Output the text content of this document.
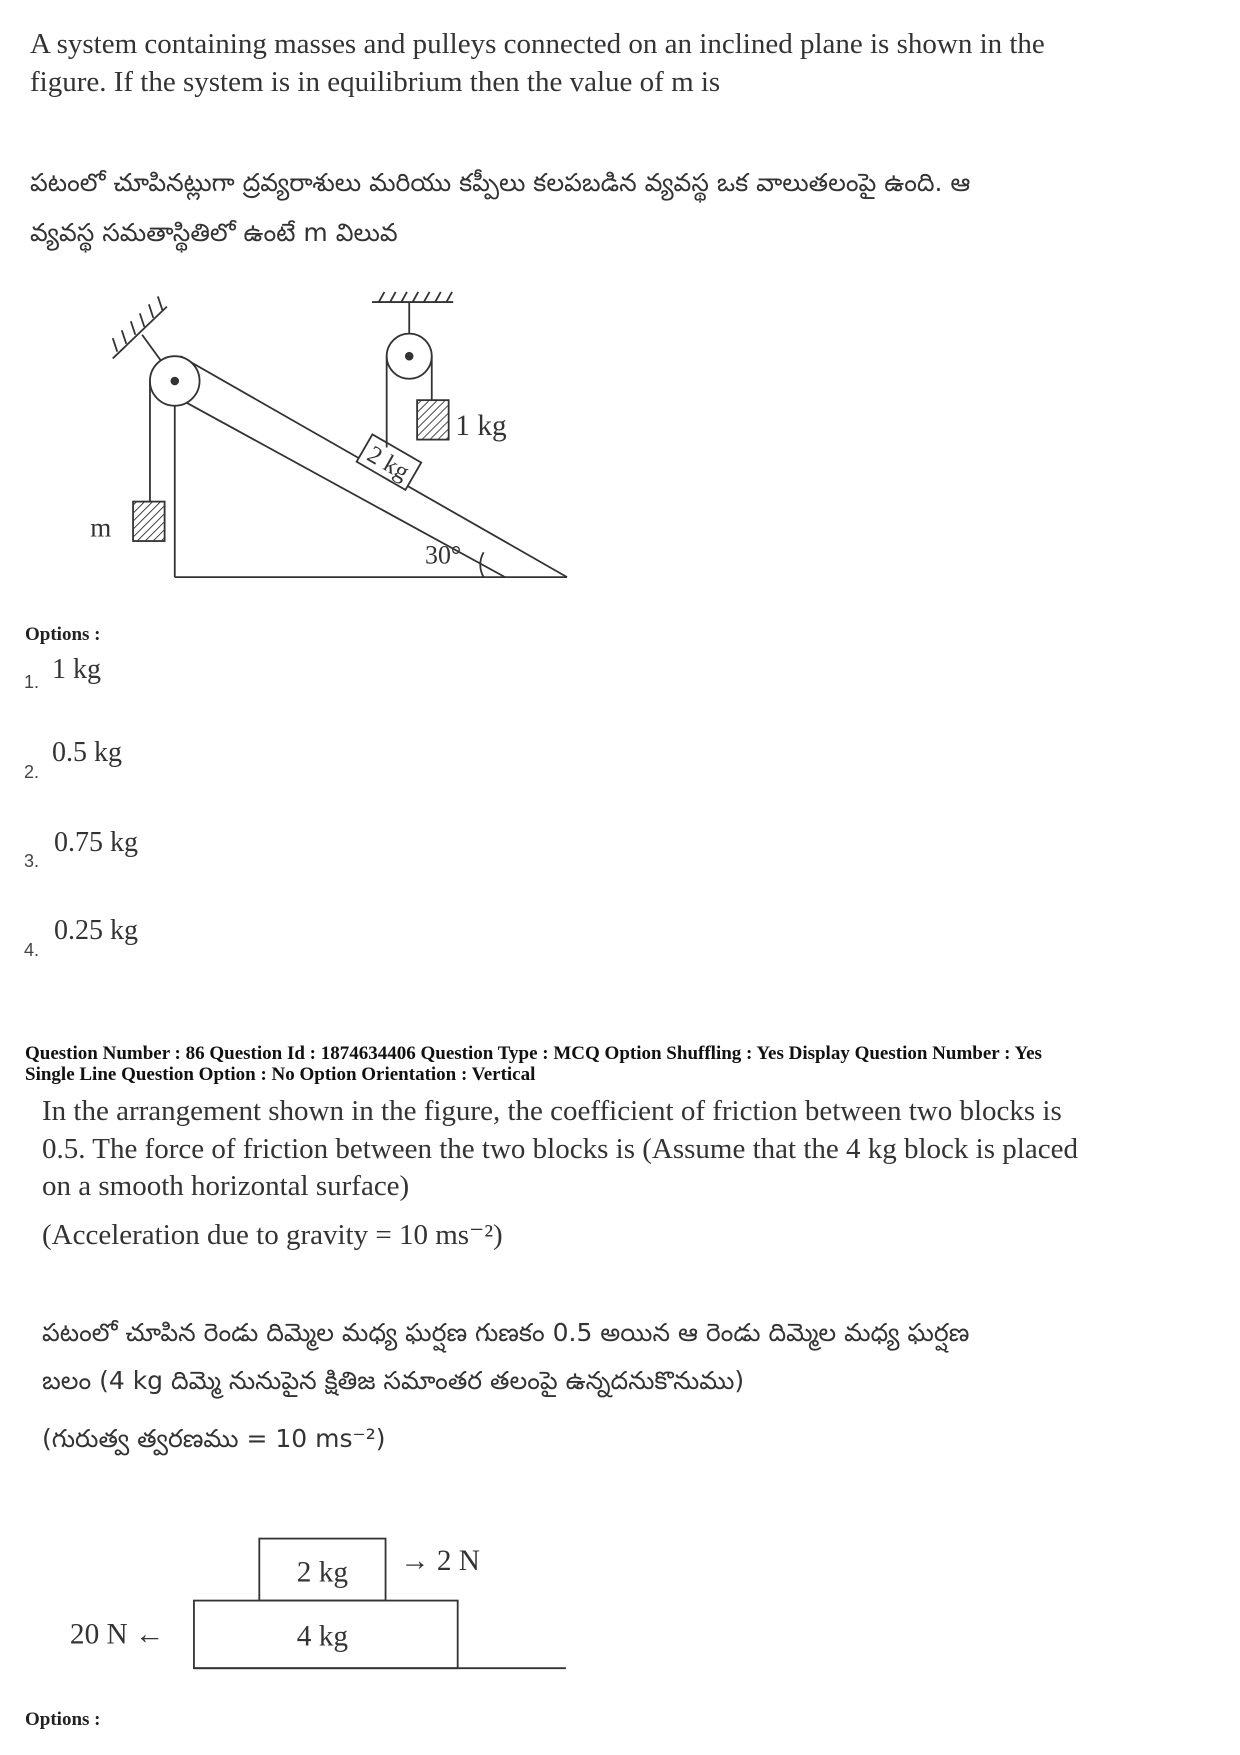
A system containing masses and pulleys connected on an inclined plane is shown in the
figure. If the system is in equilibrium then the value of m is
పటంలో చూపినట్లుగా ద్రవ్యరాశులు మరియు కప్పీలు కలపబడిన వ్యవస్థ ఒక వాలుతలంపై ఉంది. ఆ
వ్యవస్థ సమతాస్థితిలో ఉంటే m విలువ
m
2 kg
1 kg
30°
2 kg
4 kg
→ 2 N
20 N ←
Options :
1. 1 kg
2.
0.5 kg
3.
0.75 kg
4.
0.25 kg
Question Number : 86 Question Id : 1874634406 Question Type : MCQ Option Shuffling : Yes Display Question Number : Yes
Single Line Question Option : No Option Orientation : Vertical
In the arrangement shown in the figure, the coefficient of friction between two blocks is
0.5. The force of friction between the two blocks is (Assume that the 4 kg block is placed
on a smooth horizontal surface)
(Acceleration due to gravity = 10 ms⁻²)
పటంలో చూపిన రెండు దిమ్మెల మధ్య ఘర్షణ గుణకం 0.5 అయిన ఆ రెండు దిమ్మెల మధ్య ఘర్షణ
బలం (4 kg దిమ్మె నునుపైన క్షితిజ సమాంతర తలంపై ఉన్నదనుకొనుము)
(గురుత్వ త్వరణము = 10 ms⁻²)
Options :
